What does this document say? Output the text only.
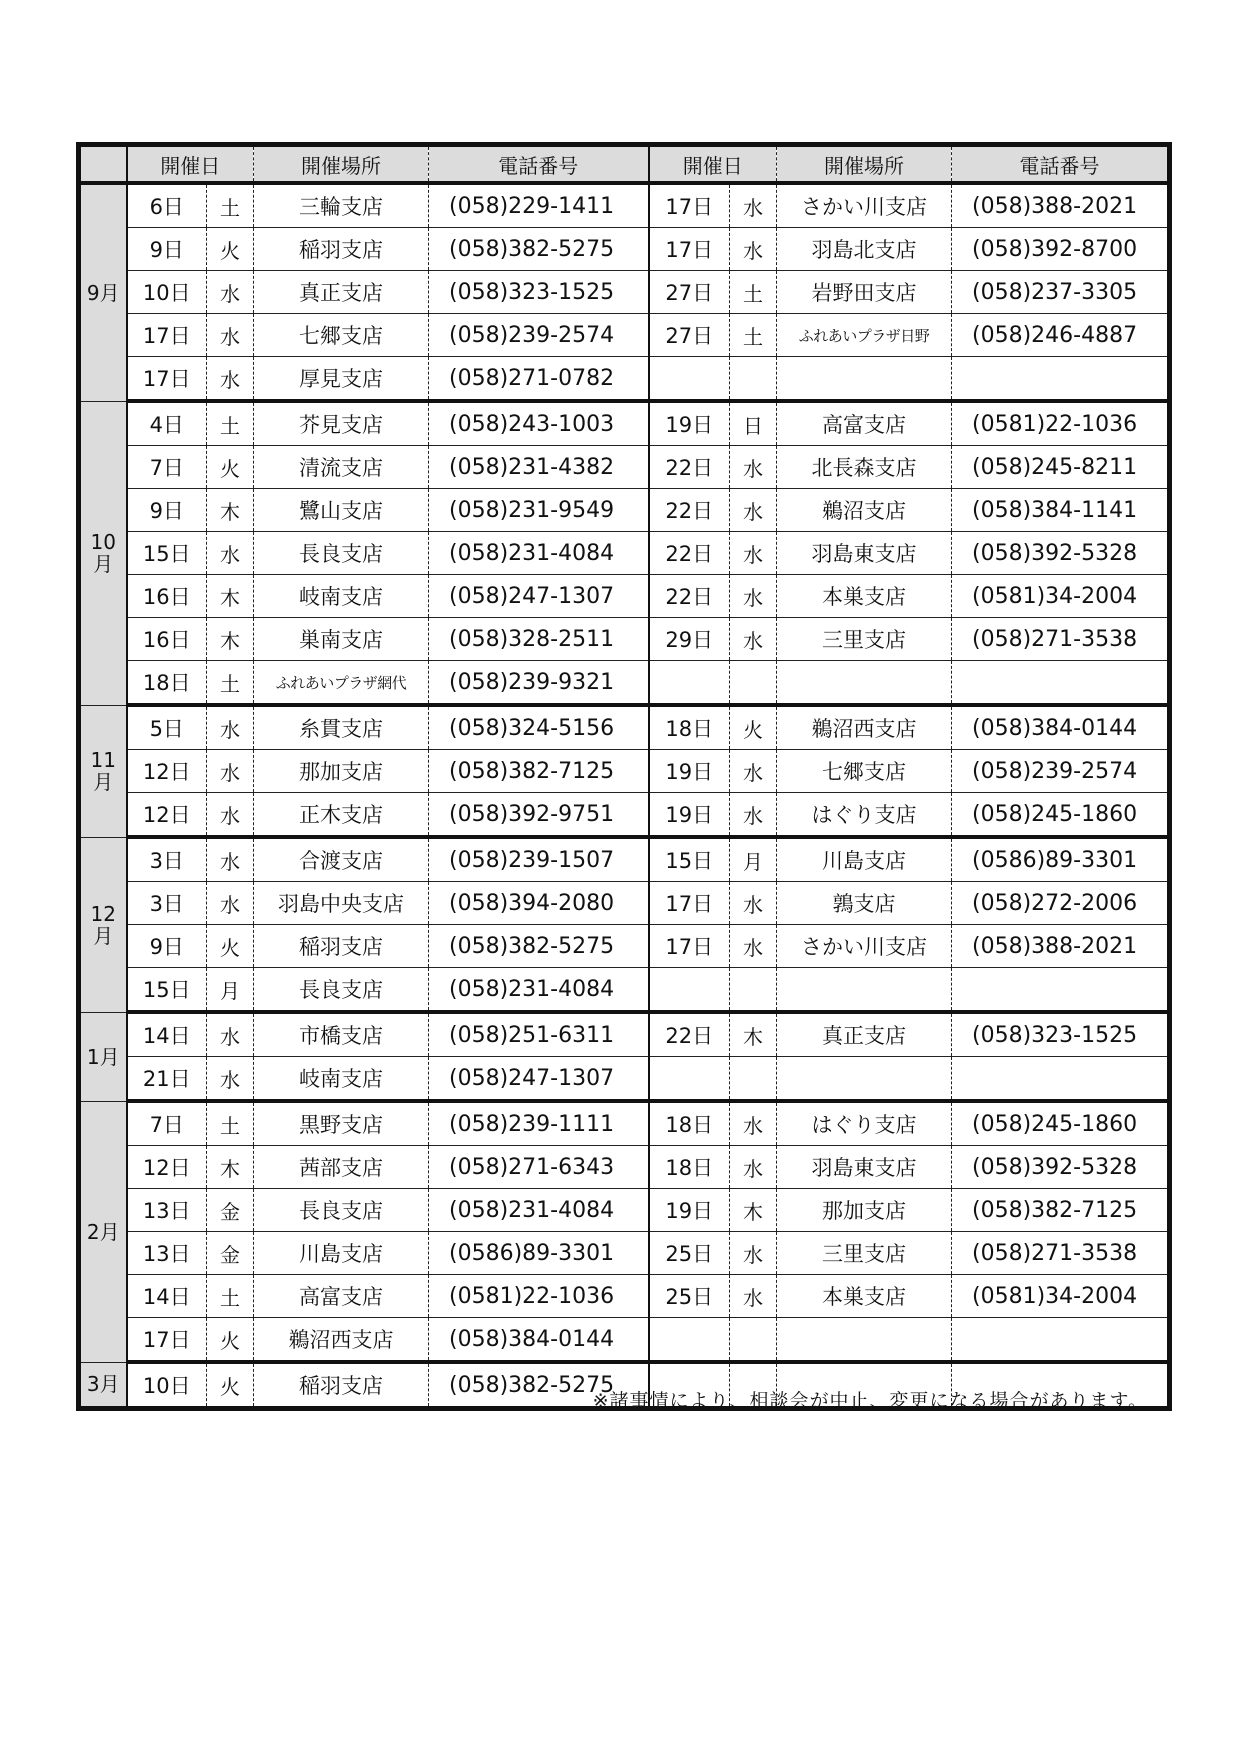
	開催日		開催場所	電話番号	開催日		開催場所	電話番号
9月	6日	土	三輪支店	(058)229-1411	17日	水	さかい川支店	(058)388-2021
	9日	火	稲羽支店	(058)382-5275	17日	水	羽島北支店	(058)392-8700
	10日	水	真正支店	(058)323-1525	27日	土	岩野田支店	(058)237-3305
	17日	水	七郷支店	(058)239-2574	27日	土	ふれあいプラザ日野	(058)246-4887
	17日	水	厚見支店	(058)271-0782				
10月	4日	土	芥見支店	(058)243-1003	19日	日	高富支店	(0581)22-1036
	7日	火	清流支店	(058)231-4382	22日	水	北長森支店	(058)245-8211
	9日	木	鷺山支店	(058)231-9549	22日	水	鵜沼支店	(058)384-1141
	15日	水	長良支店	(058)231-4084	22日	水	羽島東支店	(058)392-5328
	16日	木	岐南支店	(058)247-1307	22日	水	本巣支店	(0581)34-2004
	16日	木	巣南支店	(058)328-2511	29日	水	三里支店	(058)271-3538
	18日	土	ふれあいプラザ網代	(058)239-9321				
11月	5日	水	糸貫支店	(058)324-5156	18日	火	鵜沼西支店	(058)384-0144
	12日	水	那加支店	(058)382-7125	19日	水	七郷支店	(058)239-2574
	12日	水	正木支店	(058)392-9751	19日	水	はぐり支店	(058)245-1860
12月	3日	水	合渡支店	(058)239-1507	15日	月	川島支店	(0586)89-3301
	3日	水	羽島中央支店	(058)394-2080	17日	水	鶉支店	(058)272-2006
	9日	火	稲羽支店	(058)382-5275	17日	水	さかい川支店	(058)388-2021
	15日	月	長良支店	(058)231-4084				
1月	14日	水	市橋支店	(058)251-6311	22日	木	真正支店	(058)323-1525
	21日	水	岐南支店	(058)247-1307				
2月	7日	土	黒野支店	(058)239-1111	18日	水	はぐり支店	(058)245-1860
	12日	木	茜部支店	(058)271-6343	18日	水	羽島東支店	(058)392-5328
	13日	金	長良支店	(058)231-4084	19日	木	那加支店	(058)382-7125
	13日	金	川島支店	(0586)89-3301	25日	水	三里支店	(058)271-3538
	14日	土	高富支店	(0581)22-1036	25日	水	本巣支店	(0581)34-2004
	17日	火	鵜沼西支店	(058)384-0144				
3月	10日	火	稲羽支店	(058)382-5275				
※諸事情により、相談会が中止、変更になる場合があります。
